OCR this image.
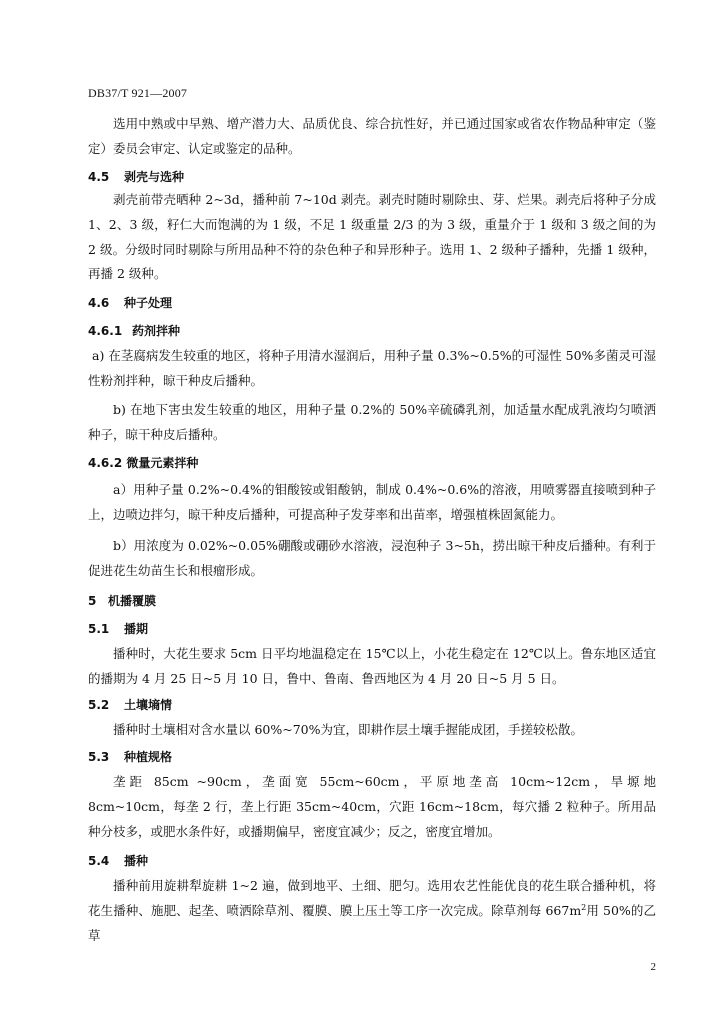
DB37/T 921—2007

选用中熟或中早熟、增产潜力大、品质优良、综合抗性好，并已通过国家或省农作物品种审定（鉴定）委员会审定、认定或鉴定的品种。

4.5 剥壳与选种

剥壳前带壳晒种 2~3d，播种前 7~10d 剥壳。剥壳时随时剔除虫、芽、烂果。剥壳后将种子分成 1、2、3 级，籽仁大而饱满的为 1 级，不足 1 级重量 2/3 的为 3 级，重量介于 1 级和 3 级之间的为 2 级。分级时同时剔除与所用品种不符的杂色种子和异形种子。选用 1、2 级种子播种，先播 1 级种，再播 2 级种。

4.6 种子处理
4.6.1 药剂拌种

a) 在茎腐病发生较重的地区，将种子用清水湿润后，用种子量 0.3%~0.5%的可湿性 50%多菌灵可湿性粉剂拌种，晾干种皮后播种。

b) 在地下害虫发生较重的地区，用种子量 0.2%的 50%辛硫磷乳剂，加适量水配成乳液均匀喷洒种子，晾干种皮后播种。

4.6.2 微量元素拌种

a）用种子量 0.2%~0.4%的钼酸铵或钼酸钠，制成 0.4%~0.6%的溶液，用喷雾器直接喷到种子上，边喷边拌匀，晾干种皮后播种，可提高种子发芽率和出苗率，增强植株固氮能力。

b）用浓度为 0.02%~0.05%硼酸或硼砂水溶液，浸泡种子 3~5h，捞出晾干种皮后播种。有利于促进花生幼苗生长和根瘤形成。

5 机播覆膜
5.1 播期

播种时，大花生要求 5cm 日平均地温稳定在 15℃以上，小花生稳定在 12℃以上。鲁东地区适宜的播期为 4 月 25 日~5 月 10 日，鲁中、鲁南、鲁西地区为 4 月 20 日~5 月 5 日。

5.2 土壤墒情

播种时土壤相对含水量以 60%~70%为宜，即耕作层土壤手握能成团，手搓较松散。

5.3 种植规格

垄距 85cm ~90cm，垄面宽 55cm~60cm，平原地垄高 10cm~12cm，旱塬地 8cm~10cm，每垄 2 行，垄上行距 35cm~40cm，穴距 16cm~18cm，每穴播 2 粒种子。所用品种分枝多，或肥水条件好，或播期偏早，密度宜减少；反之，密度宜增加。

5.4 播种

播种前用旋耕犁旋耕 1~2 遍，做到地平、土细、肥匀。选用农艺性能优良的花生联合播种机，将花生播种、施肥、起垄、喷洒除草剂、覆膜、膜上压土等工序一次完成。除草剂每 $667m^2$用 50%的乙草

2
